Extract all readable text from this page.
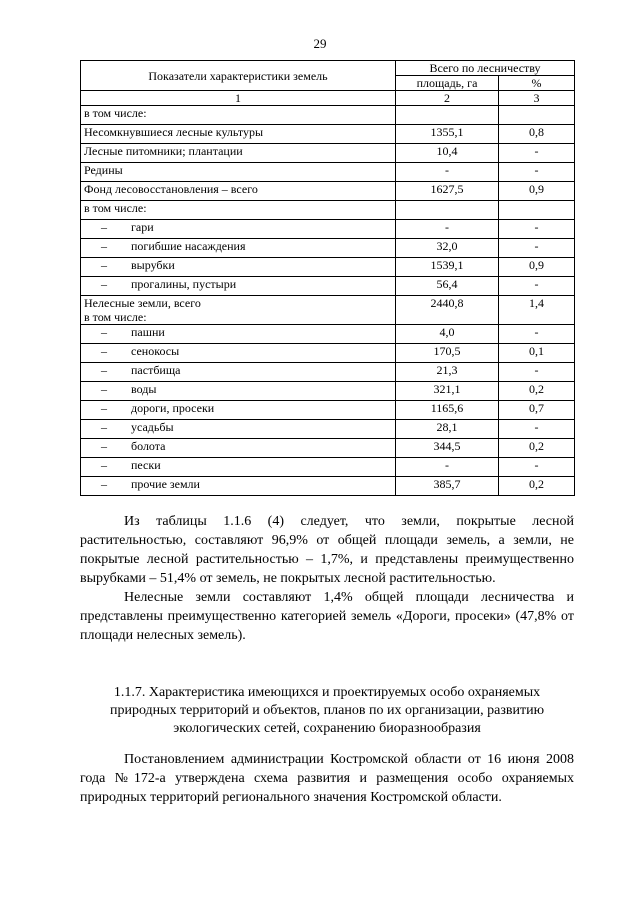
29
Показатели характеристики земель	Всего по лесничеству	
	площадь, га	%
1	2	3
в том числе:		
Несомкнувшиеся лесные культуры	1355,1	0,8
Лесные питомники; плантации	10,4	-
Редины	-	-
Фонд лесовосстановления – всего	1627,5	0,9
в том числе:		
– гари	-	-
– погибшие насаждения	32,0	-
– вырубки	1539,1	0,9
– прогалины, пустыри	56,4	-

Нелесные земли, всего
в том числе:	2440,8	1,4
– пашни	4,0	-
– сенокосы	170,5	0,1
– пастбища	21,3	-
– воды	321,1	0,2
– дороги, просеки	1165,6	0,7
– усадьбы	28,1	-
– болота	344,5	0,2
– пески	-	-
– прочие земли	385,7	0,2

Из таблицы 1.1.6 (4) следует, что земли, покрытые лесной растительностью, составляют 96,9% от общей площади земель, а земли, не покрытые лесной растительностью – 1,7%, и представлены преимущественно вырубками – 51,4% от земель, не покрытых лесной растительностью.

Нелесные земли составляют 1,4% общей площади лесничества и представлены преимущественно категорией земель «Дороги, просеки» (47,8% от площади нелесных земель).

1.1.7. Характеристика имеющихся и проектируемых особо охраняемых природных территорий и объектов, планов по их организации, развитию экологических сетей, сохранению биоразнообразия

Постановлением администрации Костромской области от 16 июня 2008 года №172-а утверждена схема развития и размещения особо охраняемых природных территорий регионального значения Костромской области.
